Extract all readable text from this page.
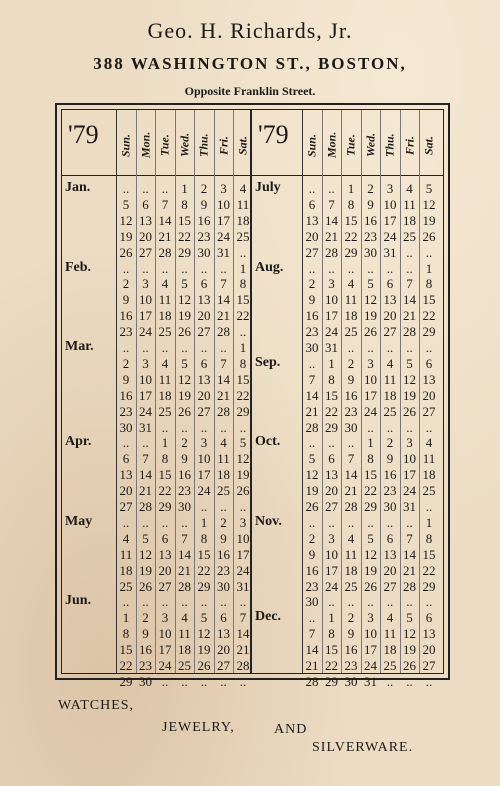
Geo. H. Richards, Jr.
388 WASHINGTON ST., BOSTON,
Opposite Franklin Street.
'79 Sun. Mon. Tue. Wed. Thu. Fri. Sat.
Jan.	..	..	..	1	2	3	4
5	6	7	8	9 10 11
12 13 14 15 16 17 18
19 20 21 22 23 24 25
26 27 28 29 30 31 ..
Feb.	..	..	..	..	..	..	1
2	3	4	5	6	7	8
9 10 11 12 13 14 15
16 17 18 19 20 21 22
23 24 25 26 27 28 ..
Mar.	..	..	..	..	..	..	1
2	3	4	5	6	7	8
9 10 11 12 13 14 15
16 17 18 19 20 21 22
23 24 25 26 27 28 29
30 31 ..	..	..	..	..
Apr.	..	..	1	2	3	4	5
6	7	8	9 10 11 12
13 14 15 16 17 18 19
20 21 22 23 24 25 26
27 28 29 30 ..	..	..
May	..	..	..	..	1	2	3
4	5	6	7	8	9 10
11 12 13 14 15 16 17
18 19 20 21 22 23 24
25 26 27 28 29 30 31
Jun.	..	..	..	..	..	..	..
1	2	3	4	5	6	7
8	9 10 11 12 13 14
15 16 17 18 19 20 21
22 23 24 25 26 27 28
29 30 ..	..	..	..	..
'79 Sun. Mon. Tue. Wed. Thu. Fri. Sat.
July	..	..	1	2	3	4	5
6	7	8	9 10 11 12
13 14 15 16 17 18 19
20 21 22 23 24 25 26
27 28 29 30 31 ..	..
Aug.	..	..	..	..	..	..	1
2	3	4	5	6	7	8
9 10 11 12 13 14 15
16 17 18 19 20 21 22
23 24 25 26 27 28 29
30 31 ..	..	..	..	..
Sep.	..	1	2	3	4	5	6
7	8	9 10 11 12 13
14 15 16 17 18 19 20
21 22 23 24 25 26 27
28 29 30 ..	..	..	..
Oct.	..	..	..	1	2	3	4
5	6	7	8	9 10 11
12 13 14 15 16 17 18
19 20 21 22 23 24 25
26 27 28 29 30 31 ..
Nov.	..	..	..	..	..	..	1
2	3	4	5	6	7	8
9 10 11 12 13 14 15
16 17 18 19 20 21 22
23 24 25 26 27 28 29
30 ..	..	..	..	..	..
Dec.	..	1	2	3	4	5	6
7	8	9 10 11 12 13
14 15 16 17 18 19 20
21 22 23 24 25 26 27
28 29 30 31 ..	..	..
WATCHES,
JEWELRY,	AND
SILVERWARE.
